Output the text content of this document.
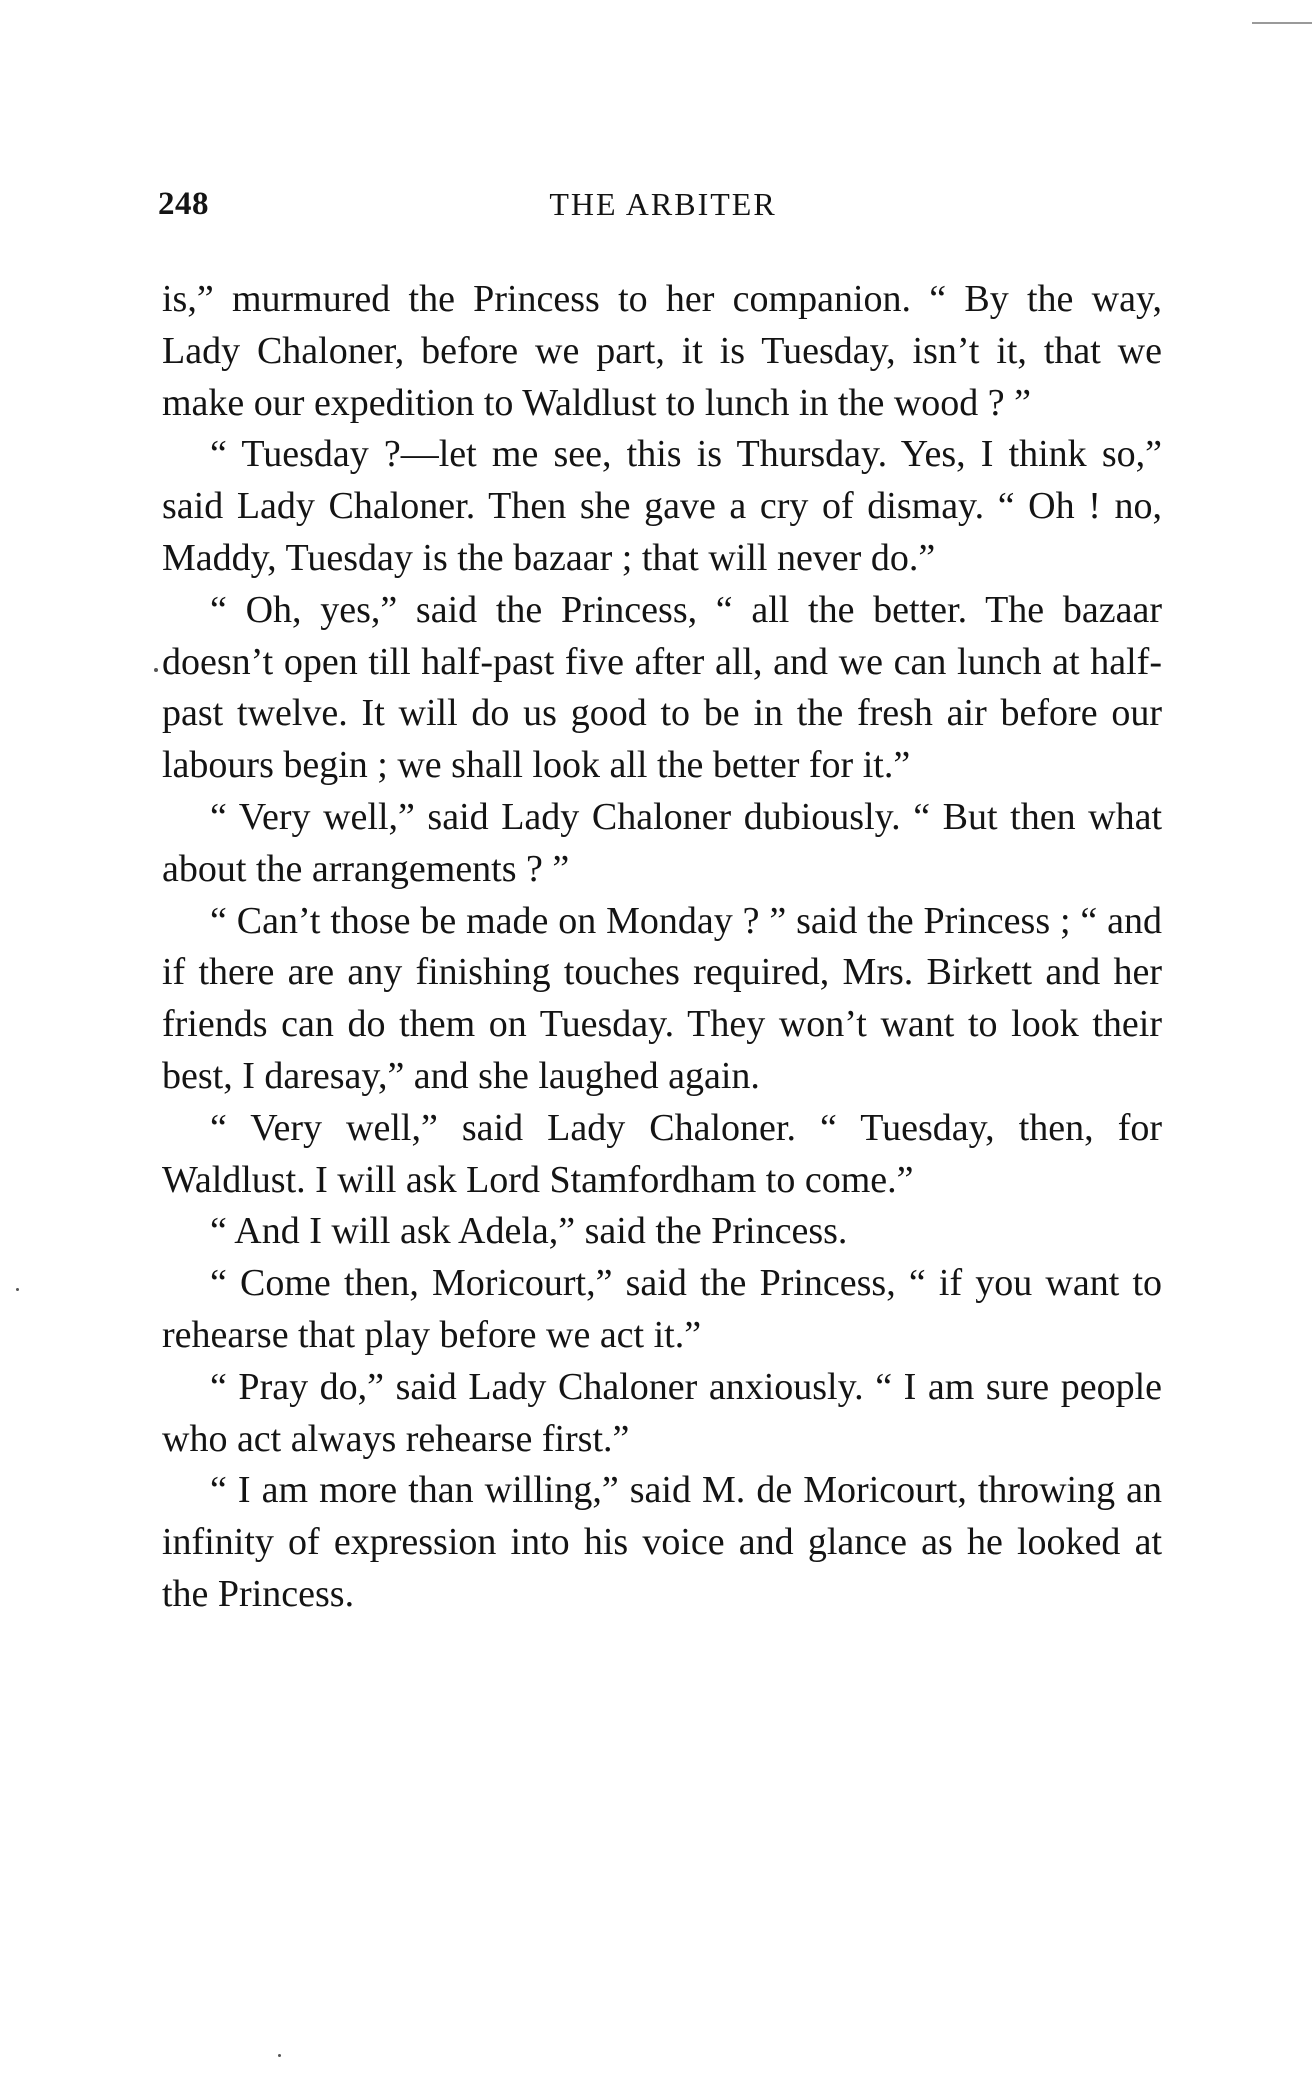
248	THE ARBITER

is,” murmured the Princess to her companion. “ By the way, Lady Chaloner, before we part, it is Tuesday, isn’t it, that we make our expedition to Waldlust to lunch in the wood ? ”

“ Tuesday ?—let me see, this is Thursday. Yes, I think so,” said Lady Chaloner. Then she gave a cry of dismay. “ Oh ! no, Maddy, Tuesday is the bazaar ; that will never do.”

“ Oh, yes,” said the Princess, “ all the better. The bazaar doesn’t open till half-past five after all, and we can lunch at half-past twelve. It will do us good to be in the fresh air before our labours begin ; we shall look all the better for it.”

“ Very well,” said Lady Chaloner dubiously. “ But then what about the arrangements ? ”

“ Can’t those be made on Monday ? ” said the Princess ; “ and if there are any finishing touches required, Mrs. Birkett and her friends can do them on Tuesday. They won’t want to look their best, I daresay,” and she laughed again.

“ Very well,” said Lady Chaloner. “ Tuesday, then, for Waldlust. I will ask Lord Stamfordham to come.”

“ And I will ask Adela,” said the Princess.

“ Come then, Moricourt,” said the Princess, “ if you want to rehearse that play before we act it.”

“ Pray do,” said Lady Chaloner anxiously. “ I am sure people who act always rehearse first.”

“ I am more than willing,” said M. de Moricourt, throwing an infinity of expression into his voice and glance as he looked at the Princess.
